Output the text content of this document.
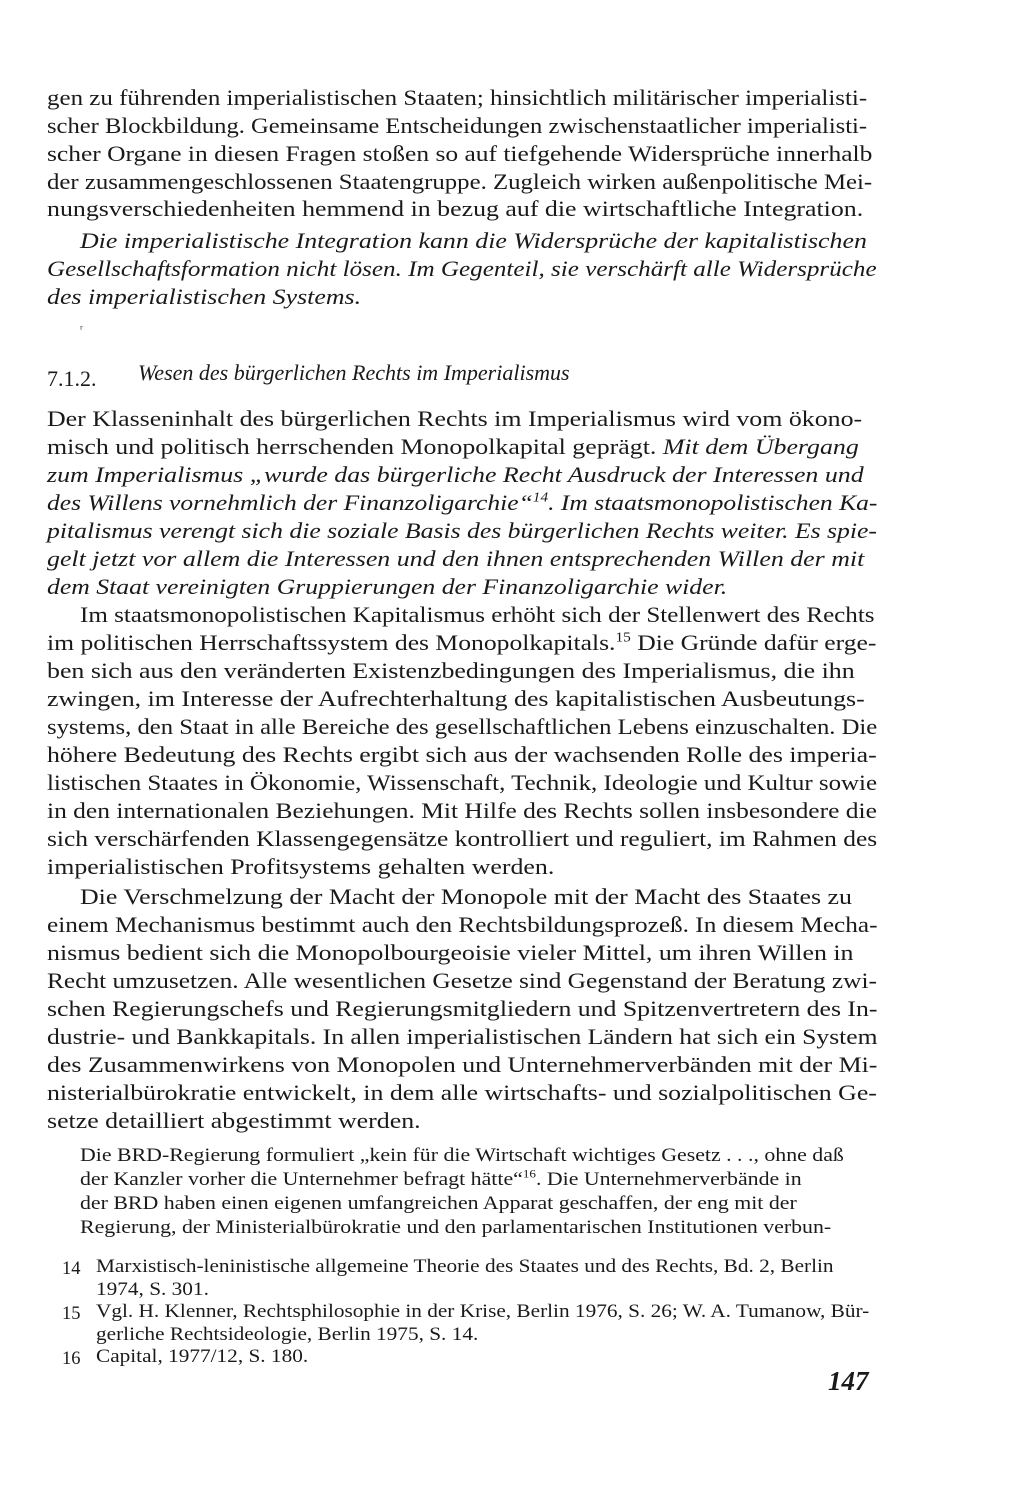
gen zu führenden imperialistischen Staaten; hinsichtlich militärischer imperialisti-
scher Blockbildung. Gemeinsame Entscheidungen zwischenstaatlicher imperialisti-
scher Organe in diesen Fragen stoßen so auf tiefgehende Widersprüche innerhalb
der zusammengeschlossenen Staatengruppe. Zugleich wirken außenpolitische Mei-
nungsverschiedenheiten hemmend in bezug auf die wirtschaftliche Integration.
Die imperialistische Integration kann die Widersprüche der kapitalistischen
Gesellschaftsformation nicht lösen. Im Gegenteil, sie verschärft alle Widersprüche
des imperialistischen Systems.
ʳ
7.1.2. Wesen des bürgerlichen Rechts im Imperialismus
Der Klasseninhalt des bürgerlichen Rechts im Imperialismus wird vom ökono-
misch und politisch herrschenden Monopolkapital geprägt. Mit dem Übergang
zum Imperialismus „wurde das bürgerliche Recht Ausdruck der Interessen und
des Willens vornehmlich der Finanzoligarchie“$^{14}$. Im staatsmonopolistischen Ka-
pitalismus verengt sich die soziale Basis des bürgerlichen Rechts weiter. Es spie-
gelt jetzt vor allem die Interessen und den ihnen entsprechenden Willen der mit
dem Staat vereinigten Gruppierungen der Finanzoligarchie wider.
Im staatsmonopolistischen Kapitalismus erhöht sich der Stellenwert des Rechts
im politischen Herrschaftssystem des Monopolkapitals.$^{15}$ Die Gründe dafür erge-
ben sich aus den veränderten Existenzbedingungen des Imperialismus, die ihn
zwingen, im Interesse der Aufrechterhaltung des kapitalistischen Ausbeutungs-
systems, den Staat in alle Bereiche des gesellschaftlichen Lebens einzuschalten. Die
höhere Bedeutung des Rechts ergibt sich aus der wachsenden Rolle des imperia-
listischen Staates in Ökonomie, Wissenschaft, Technik, Ideologie und Kultur sowie
in den internationalen Beziehungen. Mit Hilfe des Rechts sollen insbesondere die
sich verschärfenden Klassengegensätze kontrolliert und reguliert, im Rahmen des
imperialistischen Profitsystems gehalten werden.
Die Verschmelzung der Macht der Monopole mit der Macht des Staates zu
einem Mechanismus bestimmt auch den Rechtsbildungsprozeß. In diesem Mecha-
nismus bedient sich die Monopolbourgeoisie vieler Mittel, um ihren Willen in
Recht umzusetzen. Alle wesentlichen Gesetze sind Gegenstand der Beratung zwi-
schen Regierungschefs und Regierungsmitgliedern und Spitzenvertretern des In-
dustrie- und Bankkapitals. In allen imperialistischen Ländern hat sich ein System
des Zusammenwirkens von Monopolen und Unternehmerverbänden mit der Mi-
nisterialbürokratie entwickelt, in dem alle wirtschafts- und sozialpolitischen Ge-
setze detailliert abgestimmt werden.
Die BRD-Regierung formuliert „kein für die Wirtschaft wichtiges Gesetz . . ., ohne daß
der Kanzler vorher die Unternehmer befragt hätte“$^{16}$. Die Unternehmerverbände in
der BRD haben einen eigenen umfangreichen Apparat geschaffen, der eng mit der
Regierung, der Ministerialbürokratie und den parlamentarischen Institutionen verbun-
14 Marxistisch-leninistische allgemeine Theorie des Staates und des Rechts, Bd. 2, Berlin
1974, S. 301.
15 Vgl. H. Klenner, Rechtsphilosophie in der Krise, Berlin 1976, S. 26; W. A. Tumanow, Bür-
gerliche Rechtsideologie, Berlin 1975, S. 14.
16 Capital, 1977/12, S. 180.
147
